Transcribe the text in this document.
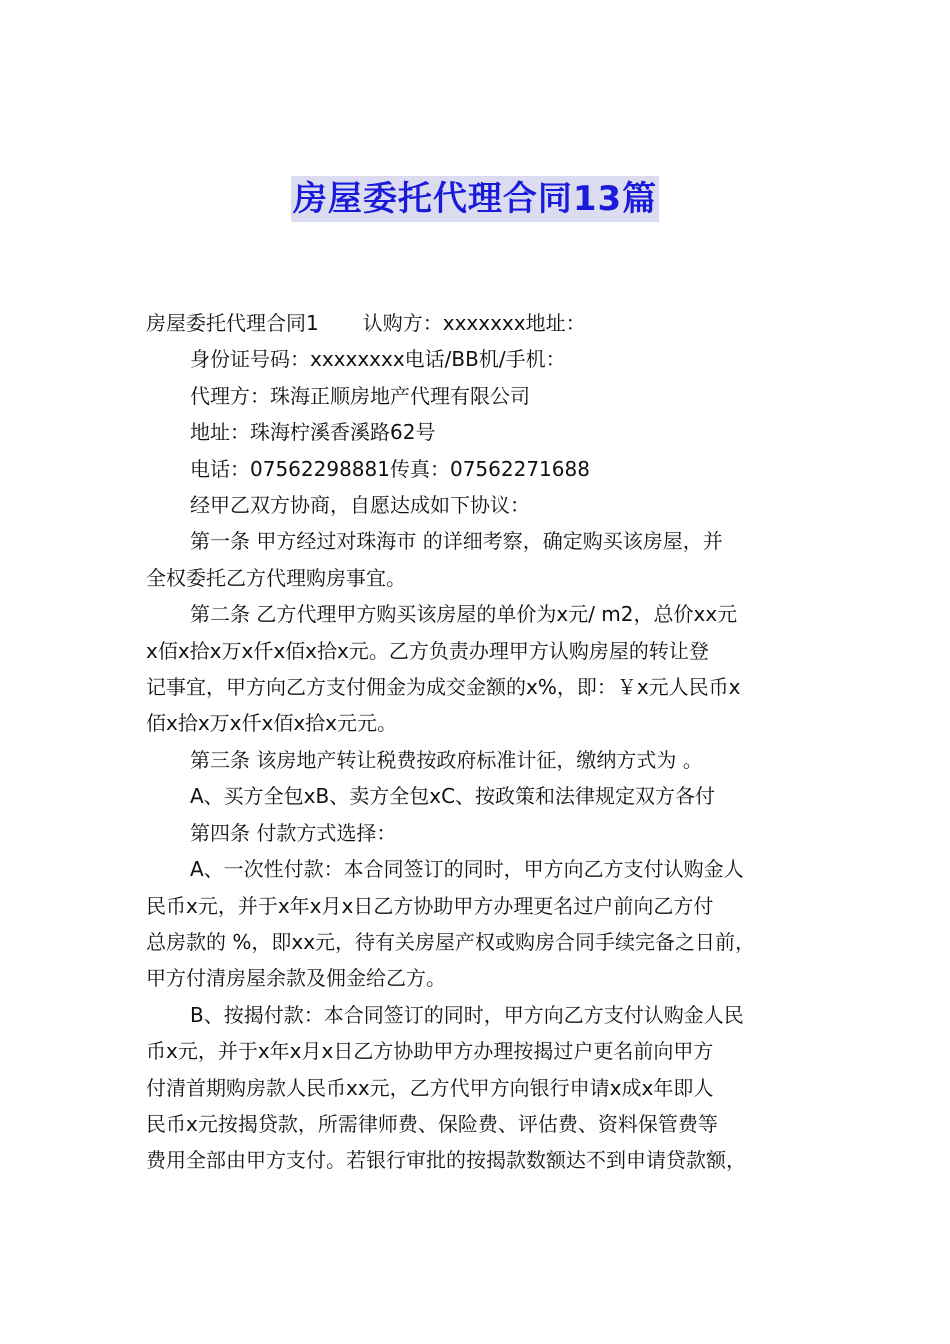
房屋委托代理合同13篇

房屋委托代理合同1 认购方：xxxxxxx地址：

身份证号码：xxxxxxxx电话/BB机/手机：

代理方：珠海正顺房地产代理有限公司

地址：珠海柠溪香溪路62号

电话：07562298881传真：07562271688

经甲乙双方协商，自愿达成如下协议：

第一条 甲方经过对珠海市 的详细考察，确定购买该房屋，并

全权委托乙方代理购房事宜。

第二条 乙方代理甲方购买该房屋的单价为x元/ m2，总价xx元

x佰x拾x万x仟x佰x拾x元。乙方负责办理甲方认购房屋的转让登

记事宜，甲方向乙方支付佣金为成交金额的x%，即：￥x元人民币x

佰x拾x万x仟x佰x拾x元元。

第三条 该房地产转让税费按政府标准计征，缴纳方式为 。

A、买方全包xB、卖方全包xC、按政策和法律规定双方各付

第四条 付款方式选择：

A、一次性付款：本合同签订的同时，甲方向乙方支付认购金人

民币x元，并于x年x月x日乙方协助甲方办理更名过户前向乙方付

总房款的 %，即xx元，待有关房屋产权或购房合同手续完备之日前，

甲方付清房屋余款及佣金给乙方。

B、按揭付款：本合同签订的同时，甲方向乙方支付认购金人民

币x元，并于x年x月x日乙方协助甲方办理按揭过户更名前向甲方

付清首期购房款人民币xx元，乙方代甲方向银行申请x成x年即人

民币x元按揭贷款，所需律师费、保险费、评估费、资料保管费等

费用全部由甲方支付。若银行审批的按揭款数额达不到申请贷款额，
